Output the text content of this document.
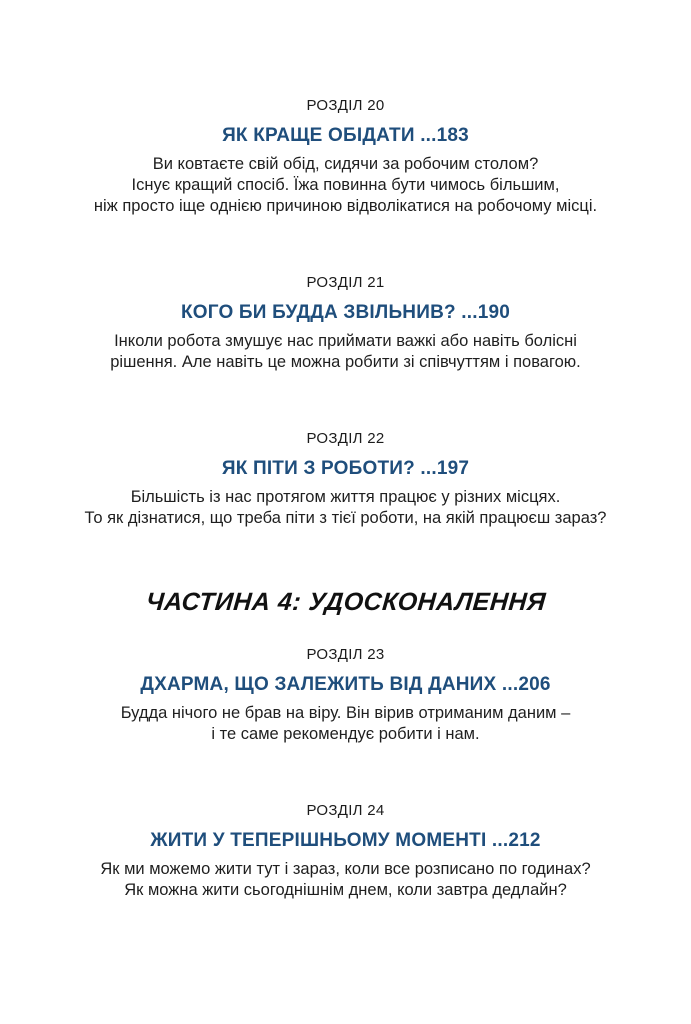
РОЗДІЛ 20
ЯК КРАЩЕ ОБІДАТИ ...183
Ви ковтаєте свій обід, сидячи за робочим столом?
Існує кращий спосіб. Їжа повинна бути чимось більшим,
ніж просто іще однією причиною відволікатися на робочому місці.
РОЗДІЛ 21
КОГО БИ БУДДА ЗВІЛЬНИВ? ...190
Інколи робота змушує нас приймати важкі або навіть болісні
рішення. Але навіть це можна робити зі співчуттям і повагою.
РОЗДІЛ 22
ЯК ПІТИ З РОБОТИ? ...197
Більшість із нас протягом життя працює у різних місцях.
То як дізнатися, що треба піти з тієї роботи, на якій працюєш зараз?
ЧАСТИНА 4: УДОСКОНАЛЕННЯ
РОЗДІЛ 23
ДХАРМА, ЩО ЗАЛЕЖИТЬ ВІД ДАНИХ ...206
Будда нічого не брав на віру. Він вірив отриманим даним –
і те саме рекомендує робити і нам.
РОЗДІЛ 24
ЖИТИ У ТЕПЕРІШНЬОМУ МОМЕНТІ ...212
Як ми можемо жити тут і зараз, коли все розписано по годинах?
Як можна жити сьогоднішнім днем, коли завтра дедлайн?
